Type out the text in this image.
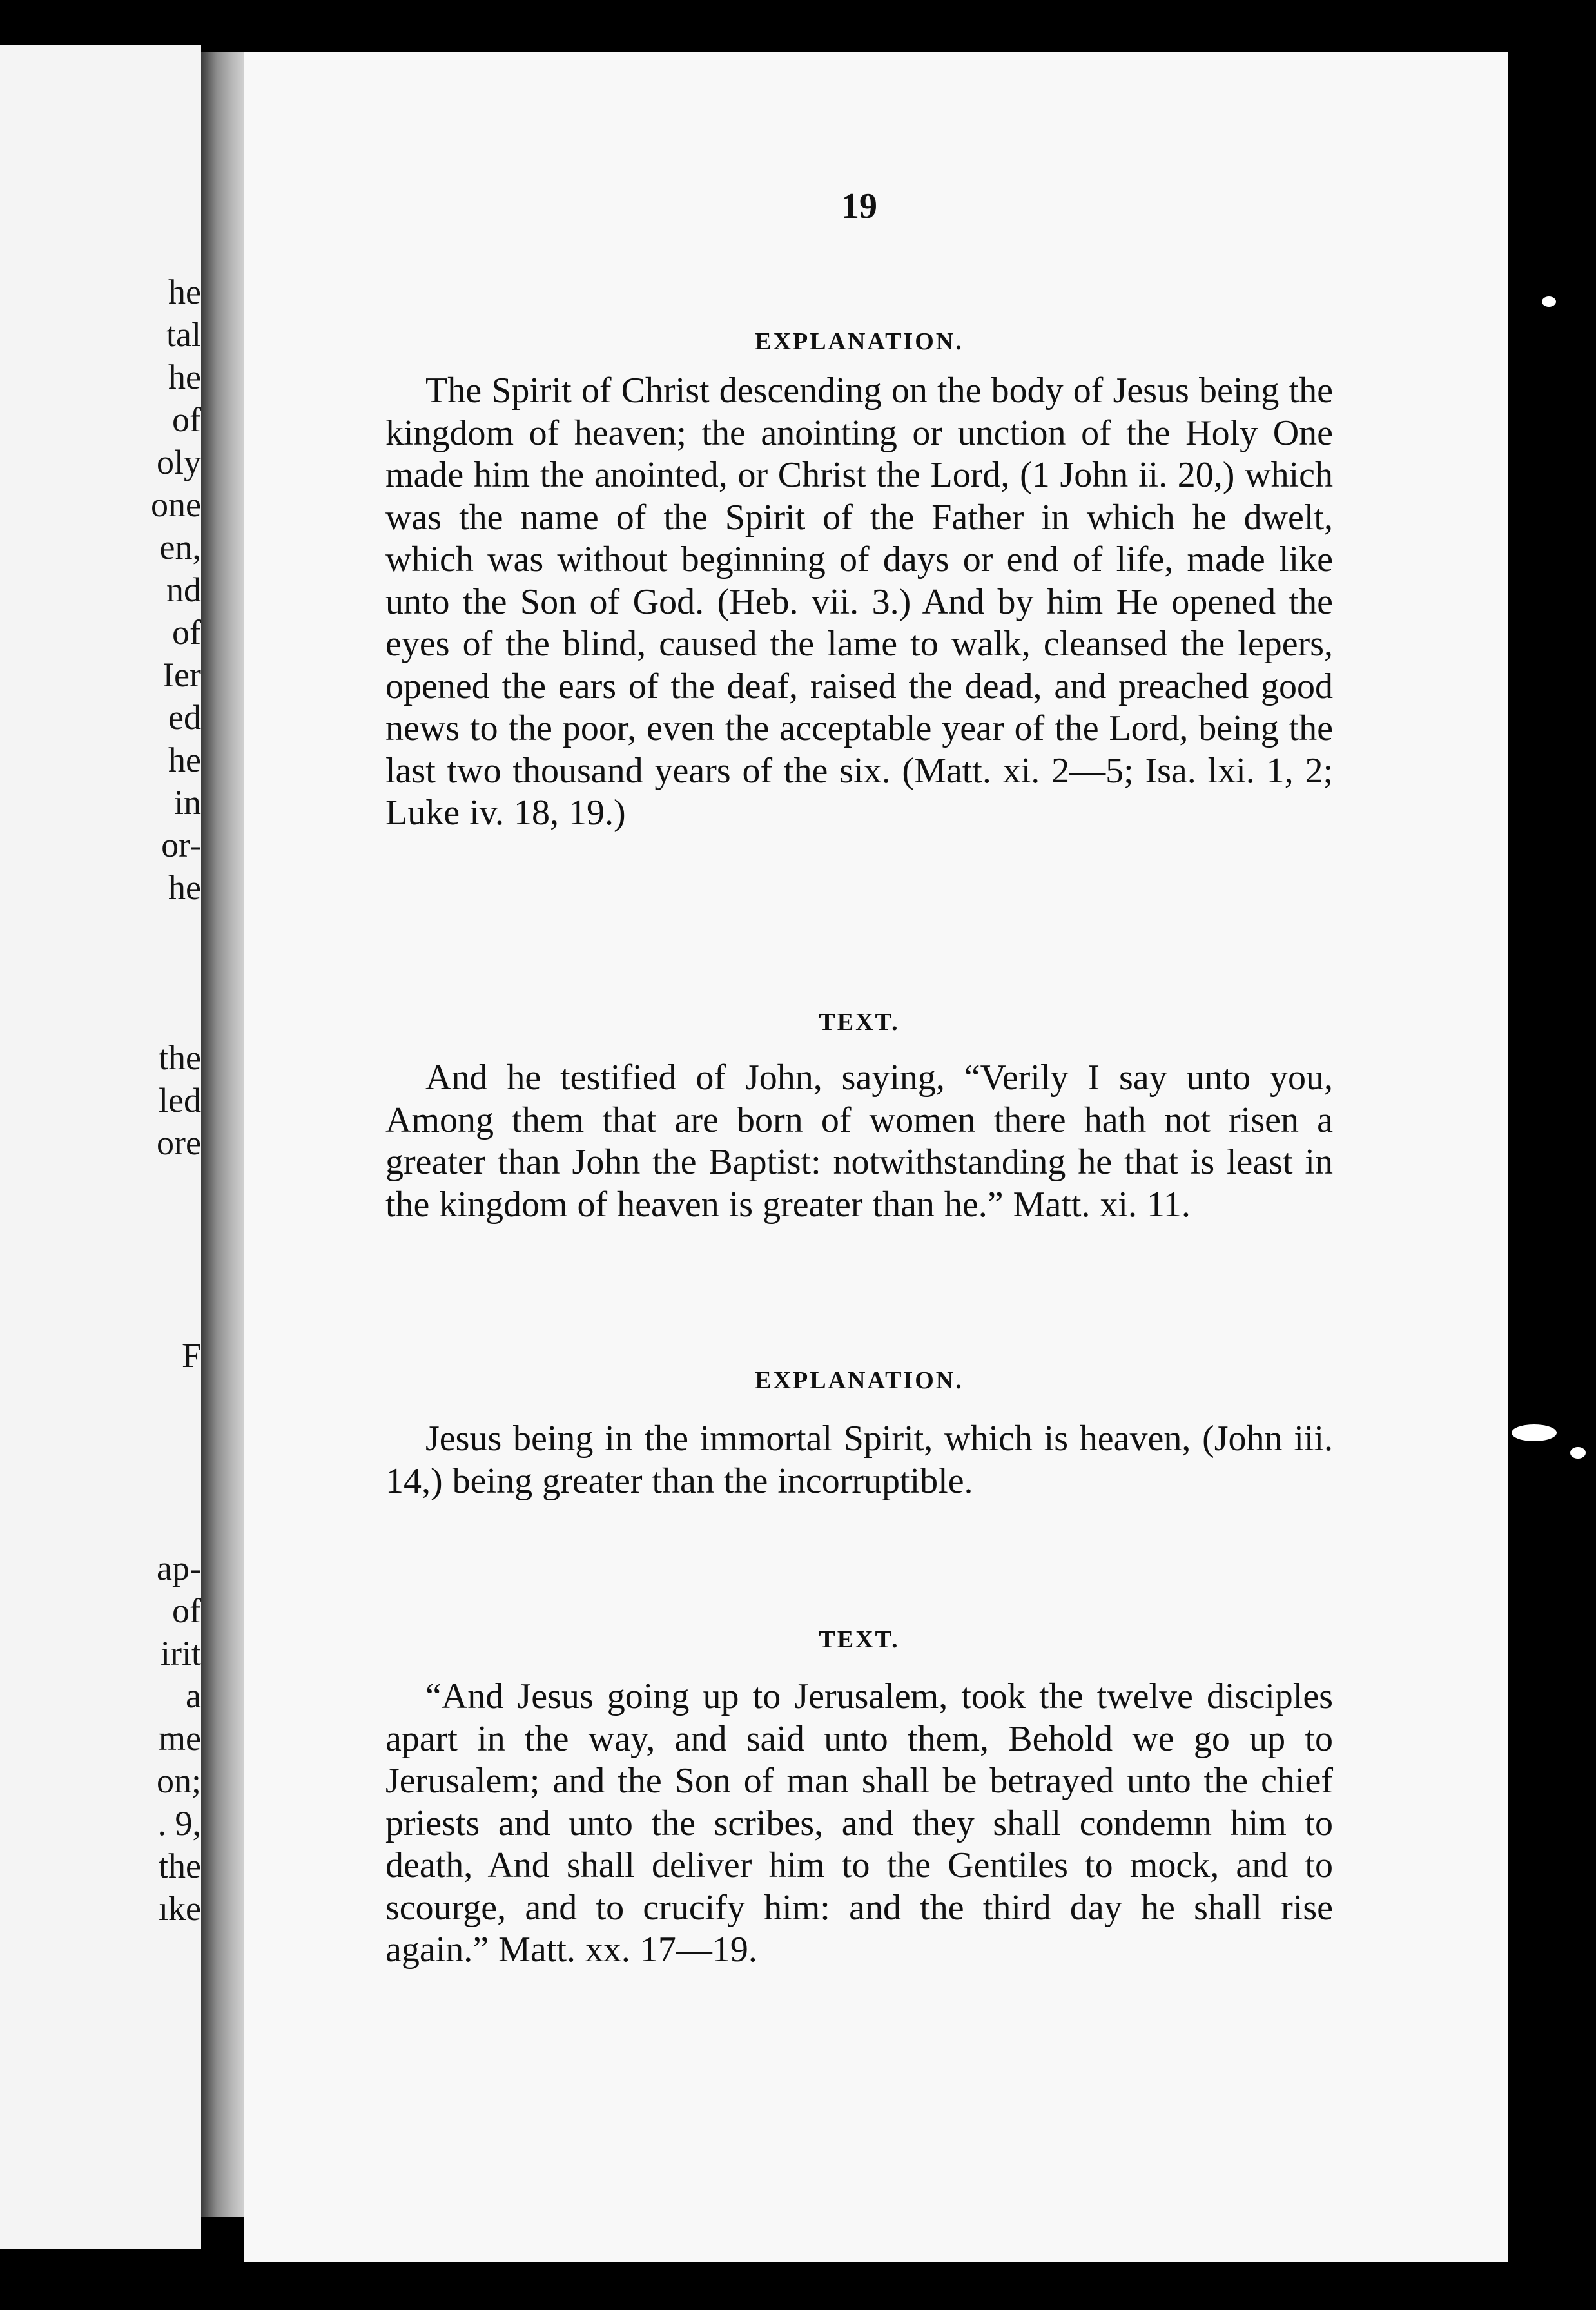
he
tal
he
of
oly
one
en,
nd
of
Ier
ed
he
in
or-
he
the
led
ore
F
ap-
of
irit
a
me
on;
. 9,
the
ıke
19
EXPLANATION.

The Spirit of Christ descending on the body of Jesus being the kingdom of heaven; the anointing or unction of the Holy One made him the anointed, or Christ the Lord, (1 John ii. 20,) which was the name of the Spirit of the Father in which he dwelt, which was without beginning of days or end of life, made like unto the Son of God. (Heb. vii. 3.) And by him He opened the eyes of the blind, caused the lame to walk, cleansed the lepers, opened the ears of the deaf, raised the dead, and preached good news to the poor, even the acceptable year of the Lord, being the last two thousand years of the six. (Matt. xi. 2—5; Isa. lxi. 1, 2; Luke iv. 18, 19.)

TEXT.

And he testified of John, saying, “Verily I say unto you, Among them that are born of women there hath not risen a greater than John the Baptist: notwithstanding he that is least in the kingdom of heaven is greater than he.” Matt. xi. 11.

EXPLANATION.

Jesus being in the immortal Spirit, which is heaven, (John iii. 14,) being greater than the incorruptible.

TEXT.

“And Jesus going up to Jerusalem, took the twelve disciples apart in the way, and said unto them, Behold we go up to Jerusalem; and the Son of man shall be betrayed unto the chief priests and unto the scribes, and they shall condemn him to death, And shall deliver him to the Gentiles to mock, and to scourge, and to crucify him: and the third day he shall rise again.” Matt. xx. 17—19.
